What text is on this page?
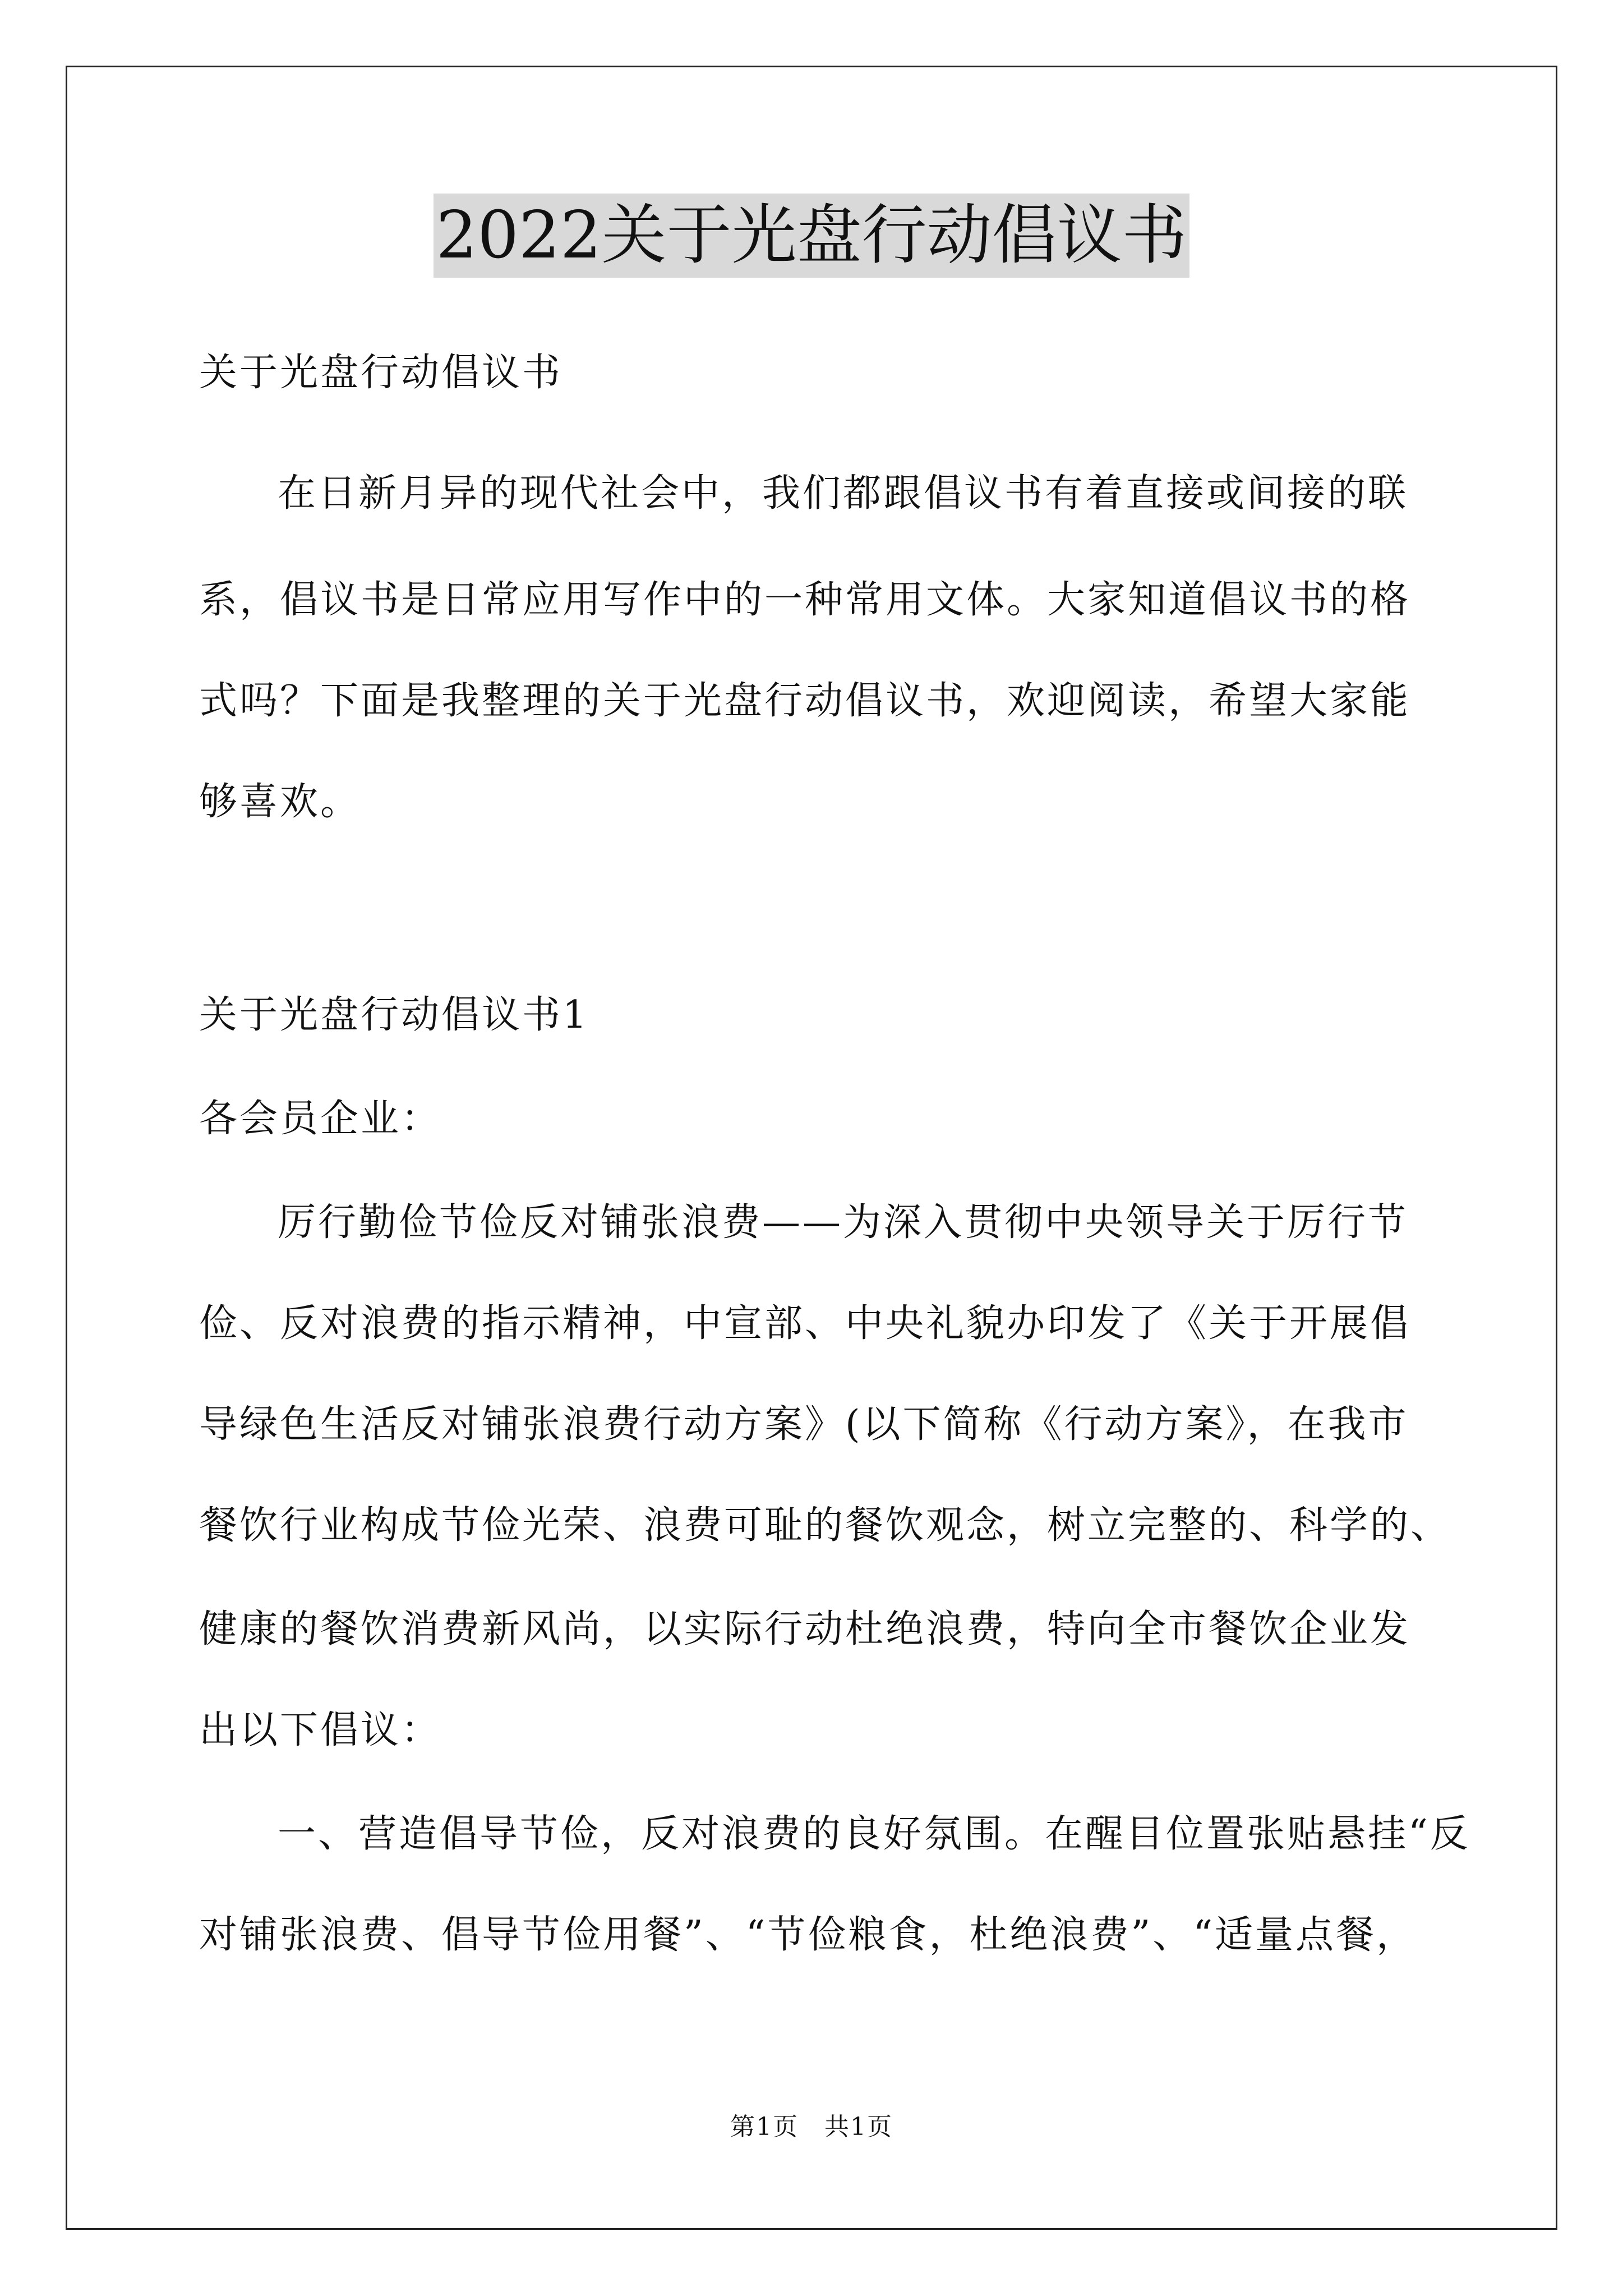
2022关于光盘行动倡议书
关于光盘行动倡议书
在日新月异的现代社会中，我们都跟倡议书有着直接或间接的联
系，倡议书是日常应用写作中的一种常用文体。大家知道倡议书的格
式吗？下面是我整理的关于光盘行动倡议书，欢迎阅读，希望大家能
够喜欢。
关于光盘行动倡议书1
各会员企业：
厉行勤俭节俭反对铺张浪费——为深入贯彻中央领导关于厉行节
俭、反对浪费的指示精神，中宣部、中央礼貌办印发了《关于开展倡
导绿色生活反对铺张浪费行动方案》(以下简称《行动方案》，在我市
餐饮行业构成节俭光荣、浪费可耻的餐饮观念，树立完整的、科学的、
健康的餐饮消费新风尚，以实际行动杜绝浪费，特向全市餐饮企业发
出以下倡议：
一、营造倡导节俭，反对浪费的良好氛围。在醒目位置张贴悬挂“反
对铺张浪费、倡导节俭用餐”、“节俭粮食，杜绝浪费”、“适量点餐，
第1页　共1页
